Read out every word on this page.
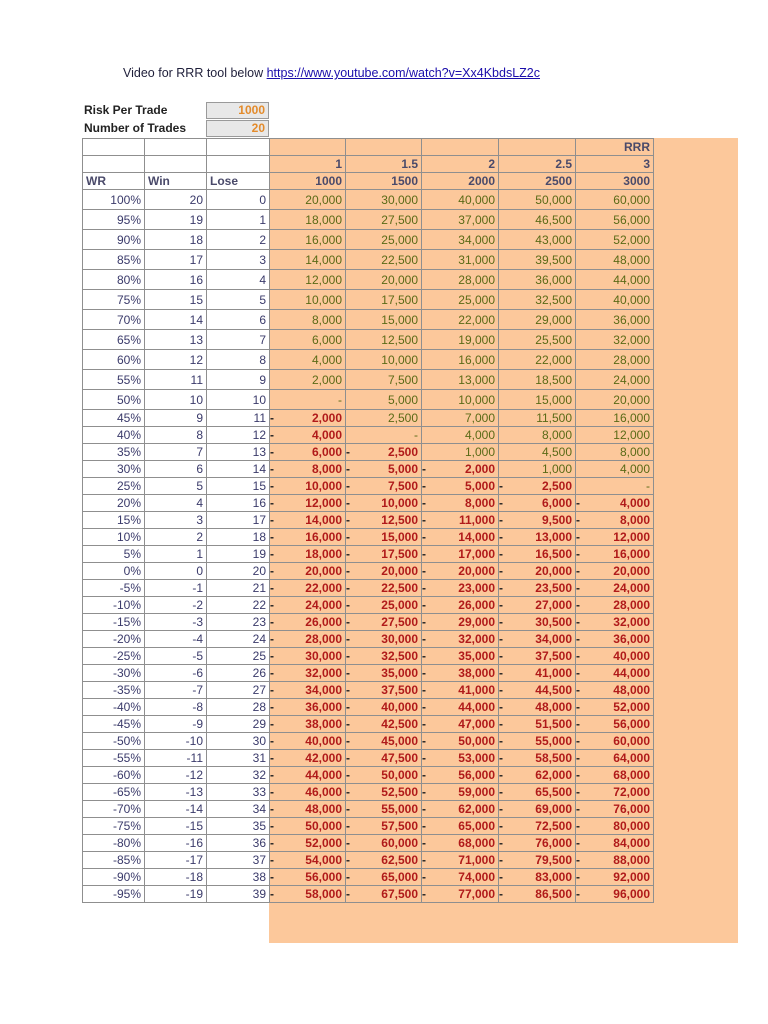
Video for RRR tool below https://www.youtube.com/watch?v=Xx4KbdsLZ2c
Risk Per Trade	1000
Number of Trades	20
							RRR
			1	1.5	2	2.5	3
WR	Win	Lose	1000	1500	2000	2500	3000
100%	20	0	20,000	30,000	40,000	50,000	60,000
95%	19	1	18,000	27,500	37,000	46,500	56,000
90%	18	2	16,000	25,000	34,000	43,000	52,000
85%	17	3	14,000	22,500	31,000	39,500	48,000
80%	16	4	12,000	20,000	28,000	36,000	44,000
75%	15	5	10,000	17,500	25,000	32,500	40,000
70%	14	6	8,000	15,000	22,000	29,000	36,000
65%	13	7	6,000	12,500	19,000	25,500	32,000
60%	12	8	4,000	10,000	16,000	22,000	28,000
55%	11	9	2,000	7,500	13,000	18,500	24,000
50%	10	10	-	5,000	10,000	15,000	20,000
45%	9	11	- 2,000	2,500	7,000	11,500	16,000
40%	8	12	- 4,000	-	4,000	8,000	12,000
35%	7	13	- 6,000	- 2,500	1,000	4,500	8,000
30%	6	14	- 8,000	- 5,000	- 2,000	1,000	4,000
25%	5	15	- 10,000	- 7,500	- 5,000	- 2,500	-
20%	4	16	- 12,000	- 10,000	- 8,000	- 6,000	- 4,000
15%	3	17	- 14,000	- 12,500	- 11,000	- 9,500	- 8,000
10%	2	18	- 16,000	- 15,000	- 14,000	- 13,000	- 12,000
5%	1	19	- 18,000	- 17,500	- 17,000	- 16,500	- 16,000
0%	0	20	- 20,000	- 20,000	- 20,000	- 20,000	- 20,000
-5%	-1	21	- 22,000	- 22,500	- 23,000	- 23,500	- 24,000
-10%	-2	22	- 24,000	- 25,000	- 26,000	- 27,000	- 28,000
-15%	-3	23	- 26,000	- 27,500	- 29,000	- 30,500	- 32,000
-20%	-4	24	- 28,000	- 30,000	- 32,000	- 34,000	- 36,000
-25%	-5	25	- 30,000	- 32,500	- 35,000	- 37,500	- 40,000
-30%	-6	26	- 32,000	- 35,000	- 38,000	- 41,000	- 44,000
-35%	-7	27	- 34,000	- 37,500	- 41,000	- 44,500	- 48,000
-40%	-8	28	- 36,000	- 40,000	- 44,000	- 48,000	- 52,000
-45%	-9	29	- 38,000	- 42,500	- 47,000	- 51,500	- 56,000
-50%	-10	30	- 40,000	- 45,000	- 50,000	- 55,000	- 60,000
-55%	-11	31	- 42,000	- 47,500	- 53,000	- 58,500	- 64,000
-60%	-12	32	- 44,000	- 50,000	- 56,000	- 62,000	- 68,000
-65%	-13	33	- 46,000	- 52,500	- 59,000	- 65,500	- 72,000
-70%	-14	34	- 48,000	- 55,000	- 62,000	- 69,000	- 76,000
-75%	-15	35	- 50,000	- 57,500	- 65,000	- 72,500	- 80,000
-80%	-16	36	- 52,000	- 60,000	- 68,000	- 76,000	- 84,000
-85%	-17	37	- 54,000	- 62,500	- 71,000	- 79,500	- 88,000
-90%	-18	38	- 56,000	- 65,000	- 74,000	- 83,000	- 92,000
-95%	-19	39	- 58,000	- 67,500	- 77,000	- 86,500	- 96,000
